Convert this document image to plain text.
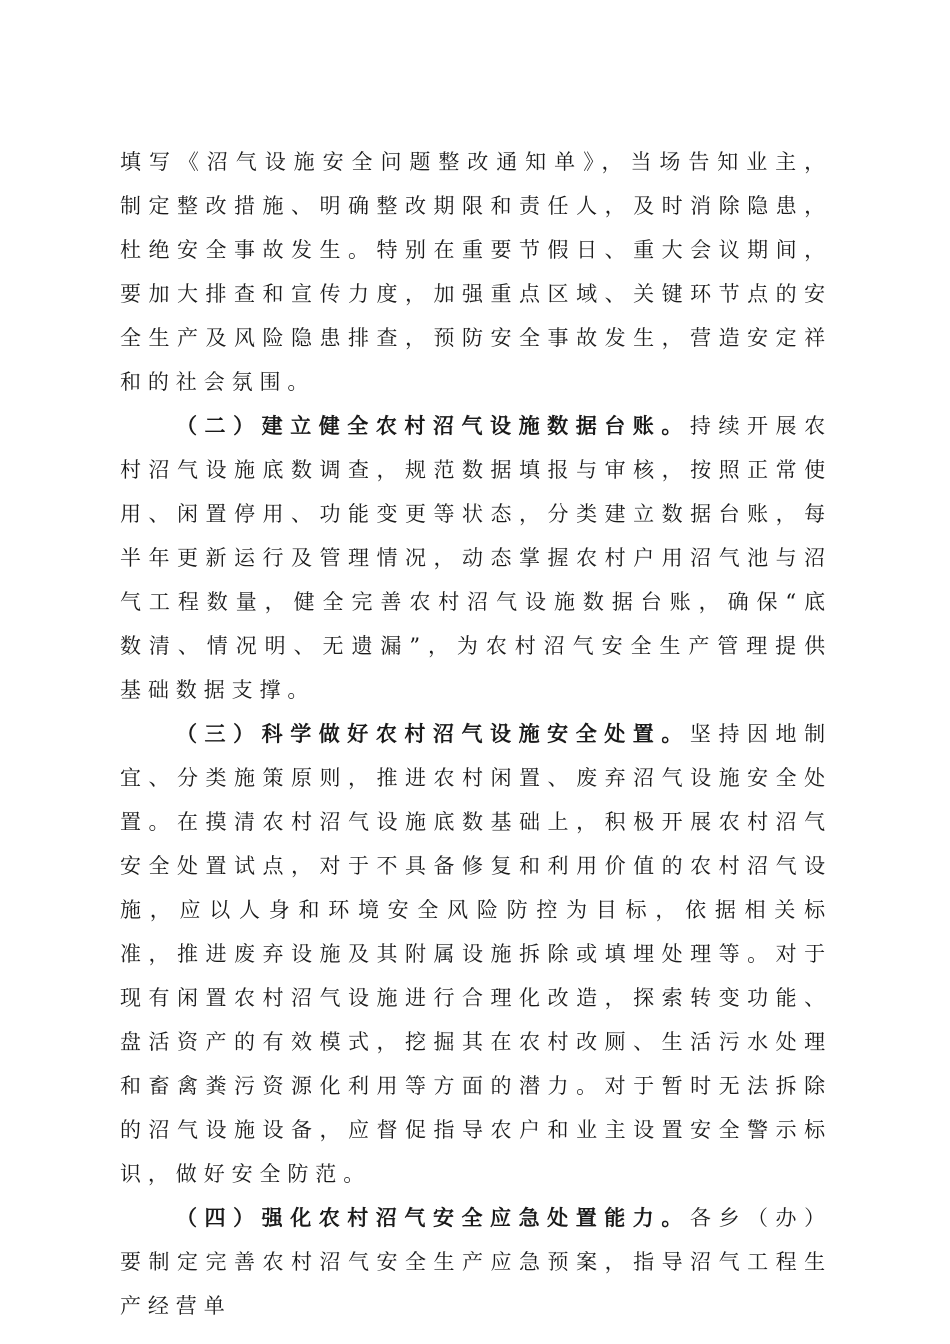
填写《沼气设施安全问题整改通知单》，当场告知业主，制定整改措施、明确整改期限和责任人，及时消除隐患，杜绝安全事故发生。特别在重要节假日、重大会议期间，要加大排查和宣传力度，加强重点区域、关键环节点的安全生产及风险隐患排查，预防安全事故发生，营造安定祥和的社会氛围。

（二）建立健全农村沼气设施数据台账。持续开展农村沼气设施底数调查，规范数据填报与审核，按照正常使用、闲置停用、功能变更等状态，分类建立数据台账，每半年更新运行及管理情况，动态掌握农村户用沼气池与沼气工程数量，健全完善农村沼气设施数据台账，确保“底数清、情况明、无遗漏”，为农村沼气安全生产管理提供基础数据支撑。

（三）科学做好农村沼气设施安全处置。坚持因地制宜、分类施策原则，推进农村闲置、废弃沼气设施安全处置。在摸清农村沼气设施底数基础上，积极开展农村沼气安全处置试点，对于不具备修复和利用价值的农村沼气设施，应以人身和环境安全风险防控为目标，依据相关标准，推进废弃设施及其附属设施拆除或填埋处理等。对于现有闲置农村沼气设施进行合理化改造，探索转变功能、盘活资产的有效模式，挖掘其在农村改厕、生活污水处理和畜禽粪污资源化利用等方面的潜力。对于暂时无法拆除的沼气设施设备，应督促指导农户和业主设置安全警示标识，做好安全防范。

（四）强化农村沼气安全应急处置能力。各乡（办）要制定完善农村沼气安全生产应急预案，指导沼气工程生产经营单
